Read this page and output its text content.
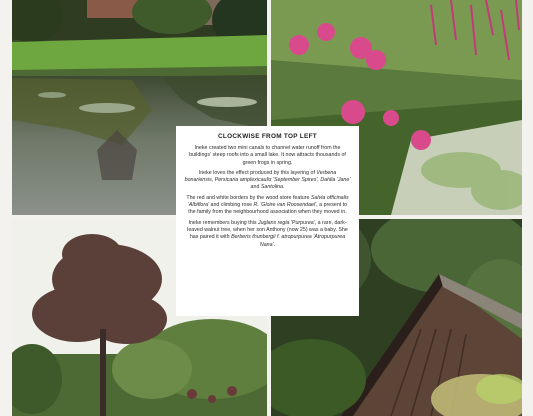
CLOCKWISE FROM TOP LEFT

Ineke created two mini canals to channel water runoff from the buildings' steep roofs into a small lake. It now attracts thousands of green frogs in spring.

Ineke loves the effect produced by this layering of Verbena bonariensis, Persicaria amplexicaulis 'September Spires', Dahlia 'Jane' and Santolina.

The red and white borders by the wood store feature Salvia officinalis 'Albiflora' and climbing rose R. 'Gloire van Roosendael', a present to the family from the neighbourhood association when they moved in.

Ineke remembers buying this Juglans regia 'Purpurea', a rare, dark-leaved walnut tree, when her son Anthony (now 25) was a baby. She has paired it with Berberis thunbergii f. atropurpurea 'Atropurpurea Nana'.
